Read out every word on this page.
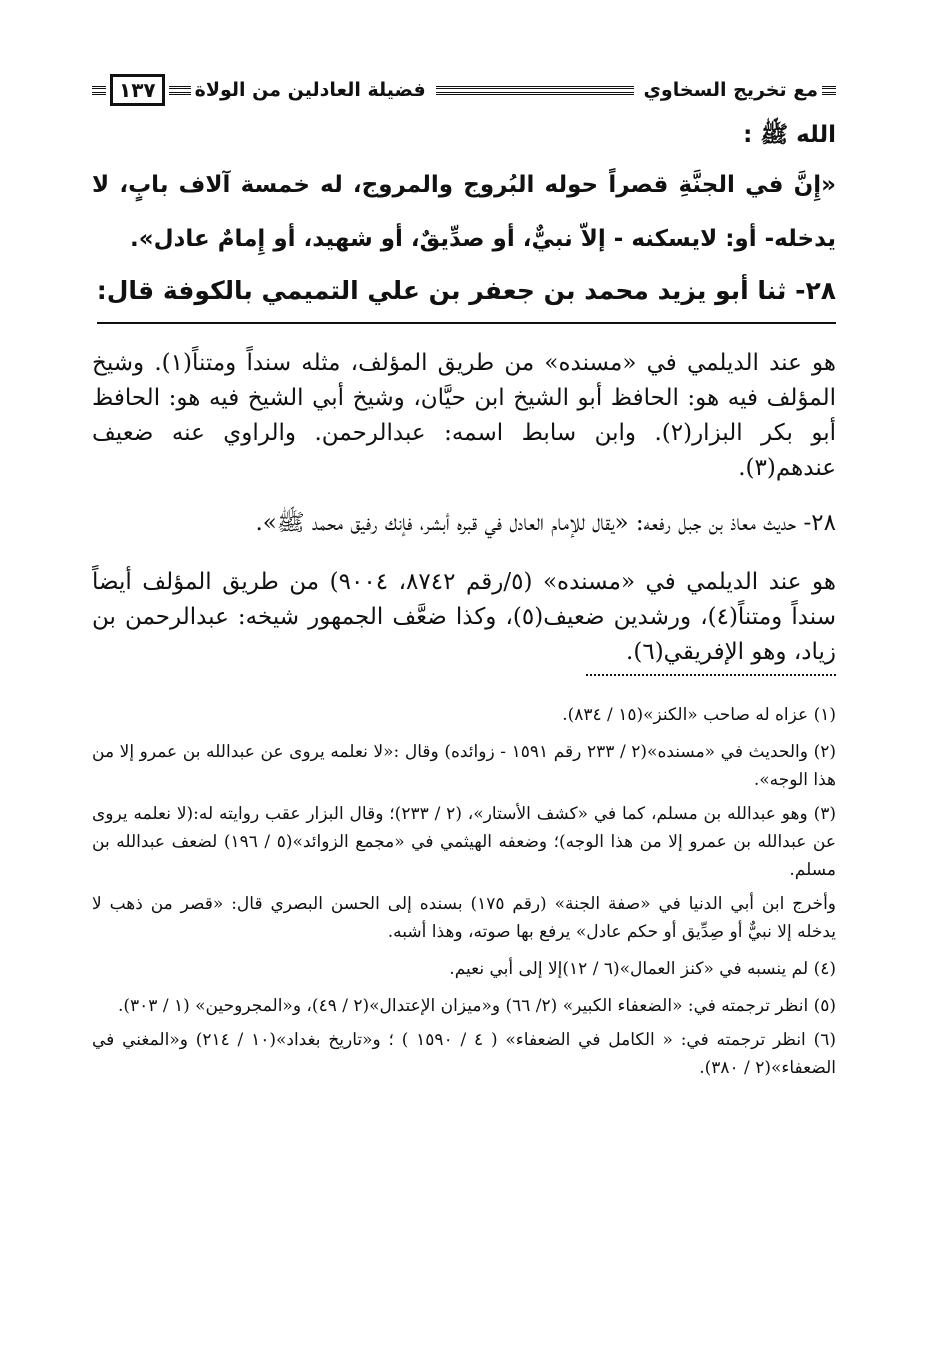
مع تخريج السخاوي
فضيلة العادلين من الولاة
١٣٧
الله ﷺ :

«إِنَّ في الجنَّةِ قصراً حوله البُروج والمروج، له خمسة آلاف بابٍ، لا يدخله- أو: لايسكنه - إلاّ نبيٌّ، أو صدِّيقٌ، أو شهيد، أو إِمامٌ عادل».

٢٨- ثنا أبو يزيد محمد بن جعفر بن علي التميمي بالكوفة قال:

هو عند الديلمي في «مسنده» من طريق المؤلف، مثله سنداً ومتناً(١). وشيخ المؤلف فيه هو: الحافظ أبو الشيخ ابن حيَّان، وشيخ أبي الشيخ فيه هو: الحافظ أبو بكر البزار(٢). وابن سابط اسمه: عبدالرحمن. والراوي عنه ضعيف عندهم(٣).

٢٨- حديث معاذ بن جبل رفعه: «يقال للإمام العادل في قبره أبشر، فإنك رفيق محمد ﷺ».

هو عند الديلمي في «مسنده» (٥/رقم ٨٧٤٢، ٩٠٠٤) من طريق المؤلف أيضاً سنداً ومتناً(٤)، ورشدين ضعيف(٥)، وكذا ضعَّف الجمهور شيخه: عبدالرحمن بن زياد، وهو الإفريقي(٦).

(١) عزاه له صاحب «الكنز»(١٥ / ٨٣٤).

(٢) والحديث في «مسنده»(٢ / ٢٣٣ رقم ١٥٩١ - زوائده) وقال :«لا نعلمه يروى عن عبدالله بن عمرو إلا من هذا الوجه».

(٣) وهو عبدالله بن مسلم، كما في «كشف الأستار»، (٢ / ٢٣٣)؛ وقال البزار عقب روايته له:(لا نعلمه يروى عن عبدالله بن عمرو إلا من هذا الوجه)؛ وضعفه الهيثمي في «مجمع الزوائد»(٥ / ١٩٦) لضعف عبدالله بن مسلم.

وأخرج ابن أبي الدنيا في «صفة الجنة» (رقم ١٧٥) بسنده إلى الحسن البصري قال: «قصر من ذهب لا يدخله إلا نبيٌّ أو صِدِّيق أو حكم عادل» يرفع بها صوته، وهذا أشبه.

(٤) لم ينسبه في «كنز العمال»(٦ / ١٢)إلا إلى أبي نعيم.

(٥) انظر ترجمته في: «الضعفاء الكبير» (٢/ ٦٦) و«ميزان الإعتدال»(٢ / ٤٩)، و«المجروحين» (١ / ٣٠٣).

(٦) انظر ترجمته في: « الكامل في الضعفاء» ( ٤ / ١٥٩٠ ) ؛ و«تاريخ بغداد»(١٠ / ٢١٤) و«المغني في الضعفاء»(٢ / ٣٨٠).
